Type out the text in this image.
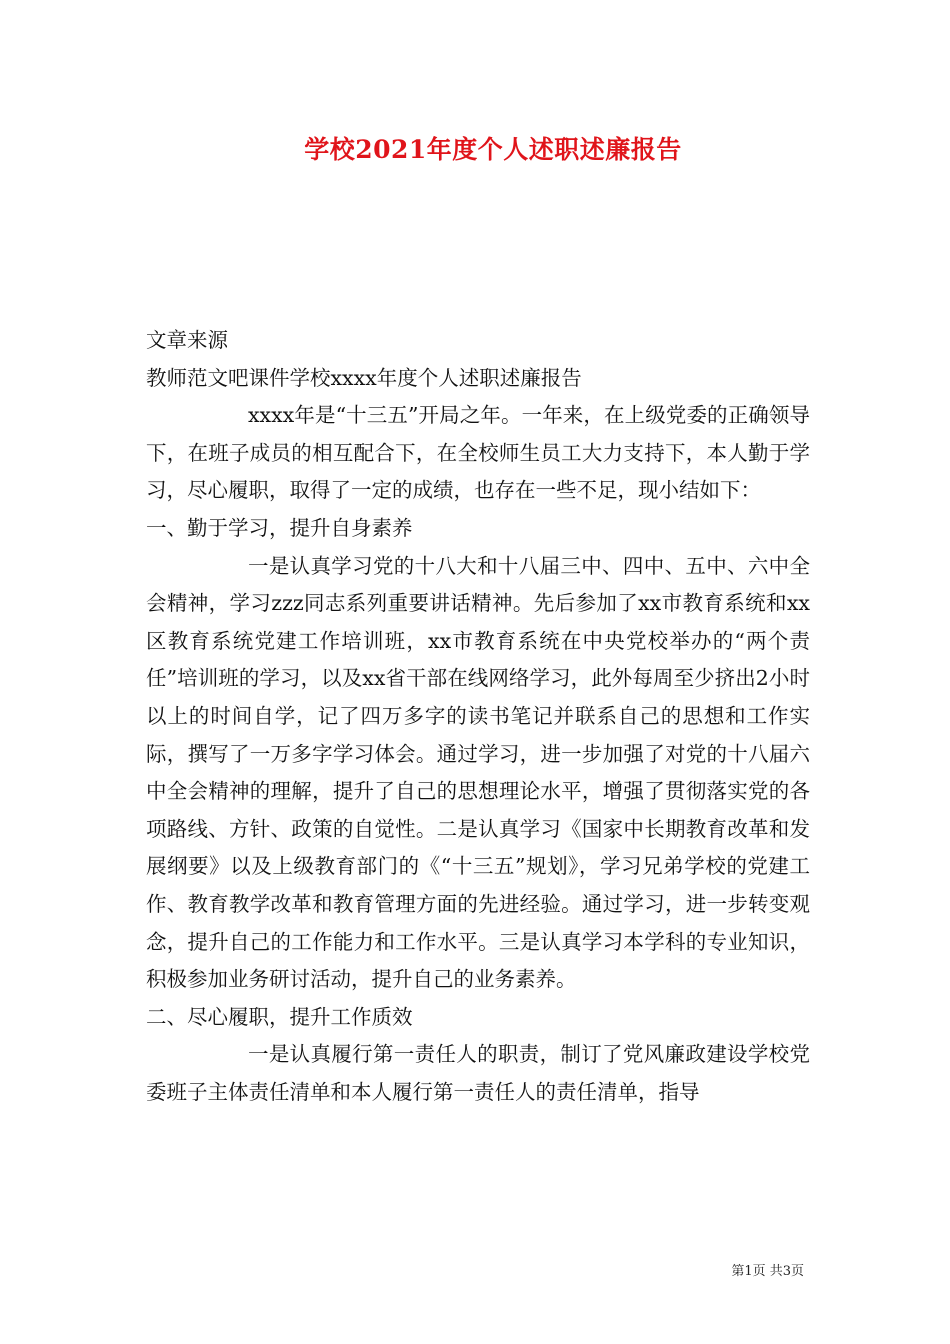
学校2021年度个人述职述廉报告

文章来源

教师范文吧课件学校xxxx年度个人述职述廉报告

xxxx年是“十三五”开局之年。一年来，在上级党委的正确领导下，在班子成员的相互配合下，在全校师生员工大力支持下，本人勤于学习，尽心履职，取得了一定的成绩，也存在一些不足，现小结如下：

一、勤于学习，提升自身素养

一是认真学习党的十八大和十八届三中、四中、五中、六中全会精神，学习zzz同志系列重要讲话精神。先后参加了xx市教育系统和xx区教育系统党建工作培训班，xx市教育系统在中央党校举办的“两个责任”培训班的学习，以及xx省干部在线网络学习，此外每周至少挤出2小时以上的时间自学，记了四万多字的读书笔记并联系自己的思想和工作实际，撰写了一万多字学习体会。通过学习，进一步加强了对党的十八届六中全会精神的理解，提升了自己的思想理论水平，增强了贯彻落实党的各项路线、方针、政策的自觉性。二是认真学习《国家中长期教育改革和发展纲要》以及上级教育部门的《“十三五”规划》，学习兄弟学校的党建工作、教育教学改革和教育管理方面的先进经验。通过学习，进一步转变观念，提升自己的工作能力和工作水平。三是认真学习本学科的专业知识，积极参加业务研讨活动，提升自己的业务素养。

二、尽心履职，提升工作质效

一是认真履行第一责任人的职责，制订了党风廉政建设学校党委班子主体责任清单和本人履行第一责任人的责任清单，指导

第1页 共3页
